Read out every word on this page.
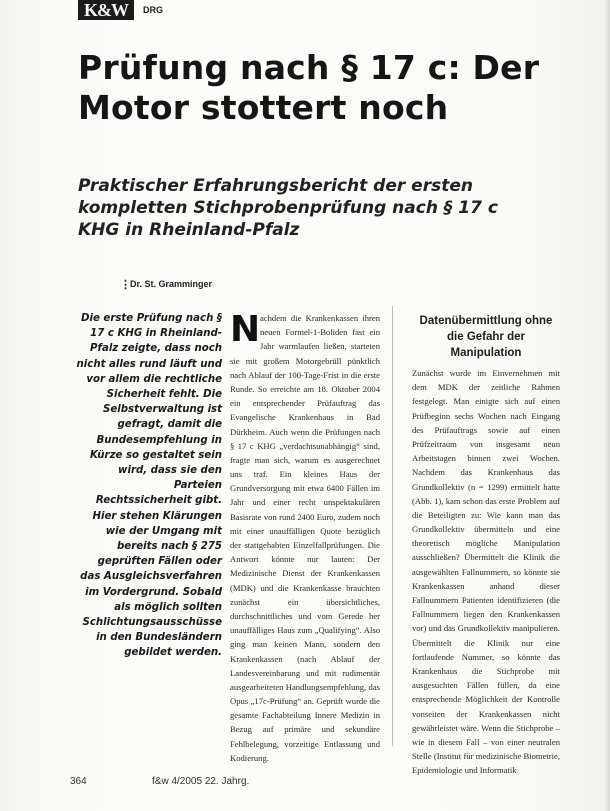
K&W	DRG
Prüfung nach § 17 c: Der Motor stottert noch
Praktischer Erfahrungsbericht der ersten kompletten Stichprobenprüfung nach § 17 c KHG in Rheinland-Pfalz
⋮Dr. St. Gramminger

Die erste Prüfung nach § 17 c KHG in Rheinland-Pfalz zeigte, dass noch nicht alles rund läuft und vor allem die rechtliche Sicherheit fehlt. Die Selbstverwaltung ist gefragt, damit die Bundesempfehlung in Kürze so gestaltet sein wird, dass sie den Parteien Rechtssicherheit gibt. Hier stehen Klärungen wie der Umgang mit bereits nach § 275 geprüften Fällen oder das Ausgleichsverfahren im Vordergrund. Sobald als möglich sollten Schlichtungsausschüsse in den Bundesländern gebildet werden.

Nachdem die Krankenkassen ihren neuen Formel-1-Boliden fast ein Jahr warmlaufen ließen, starteten sie mit großem Motorgebrüll pünktlich nach Ablauf der 100-Tage-Frist in die erste Runde. So erreichte am 18. Oktober 2004 ein entsprechender Prüfauftrag das Evangelische Krankenhaus in Bad Dürkheim. Auch wenn die Prüfungen nach § 17 c KHG „verdachtsunabhängig“ sind, fragte man sich, warum es ausgerechnet uns traf. Ein kleines Haus der Grundversorgung mit etwa 6400 Fällen im Jahr und einer recht unspektakulären Basisrate von rund 2400 Euro, zudem noch mit einer unauffälligen Quote bezüglich der stattgehabten Einzelfallprüfungen. Die Antwort könnte nur lauten: Der Medizinische Dienst der Krankenkassen (MDK) und die Krankenkasse brauchten zunächst ein übersichtliches, durchschnittliches und vom Gerede her unauffälliges Haus zum „Qualifying“. Also ging man keinen Mann, sondern den Krankenkassen (nach Ablauf der Landesvereinbarung und mit rudimentär ausgearbeiteten Handlungsempfehlung, das Opus „17c-Prüfung“ an. Geprüft wurde die gesamte Fachabteilung Innere Medizin in Bezug auf primäre und sekundäre Fehlbelegung, vorzeitige Entlassung und Kodierung.
Datenübermittlung ohne die Gefahr der Manipulation

Zunächst wurde im Einvernehmen mit dem MDK der zeitliche Rahmen festgelegt. Man einigte sich auf einen Prüfbeginn sechs Wochen nach Eingang des Prüfauftrags sowie auf einen Prüfzeitraum von insgesamt neun Arbeitstagen binnen zwei Wochen. Nachdem das Krankenhaus das Grundkollektiv (n = 1299) ermittelt hatte (Abb. 1), kam schon das erste Problem auf die Beteiligten zu: Wie kann man das Grundkollektiv übermitteln und eine theoretisch mögliche Manipulation ausschließen? Übermittelt die Klinik die ausgewählten Fallnummern, so könnte sie Krankenkassen anhand dieser Fallnummern Patienten identifizieren (die Fallnummern liegen den Krankenkassen vor) und das Grundkollektiv manipulieren. Übermittelt die Klinik nur eine fortlaufende Nummer, so könnte das Krankenhaus die Stichprobe mit ausgesuchten Fällen füllen, da eine entsprechende Möglichkeit der Kontrolle vonseiten der Krankenkassen nicht gewährleistet wäre. Wenn die Stichprobe – wie in diesem Fall – von einer neutralen Stelle (Institut für medizinische Biometrie, Epidemiologie und Informatik

364	f&w 4/2005 22. Jahrg.
